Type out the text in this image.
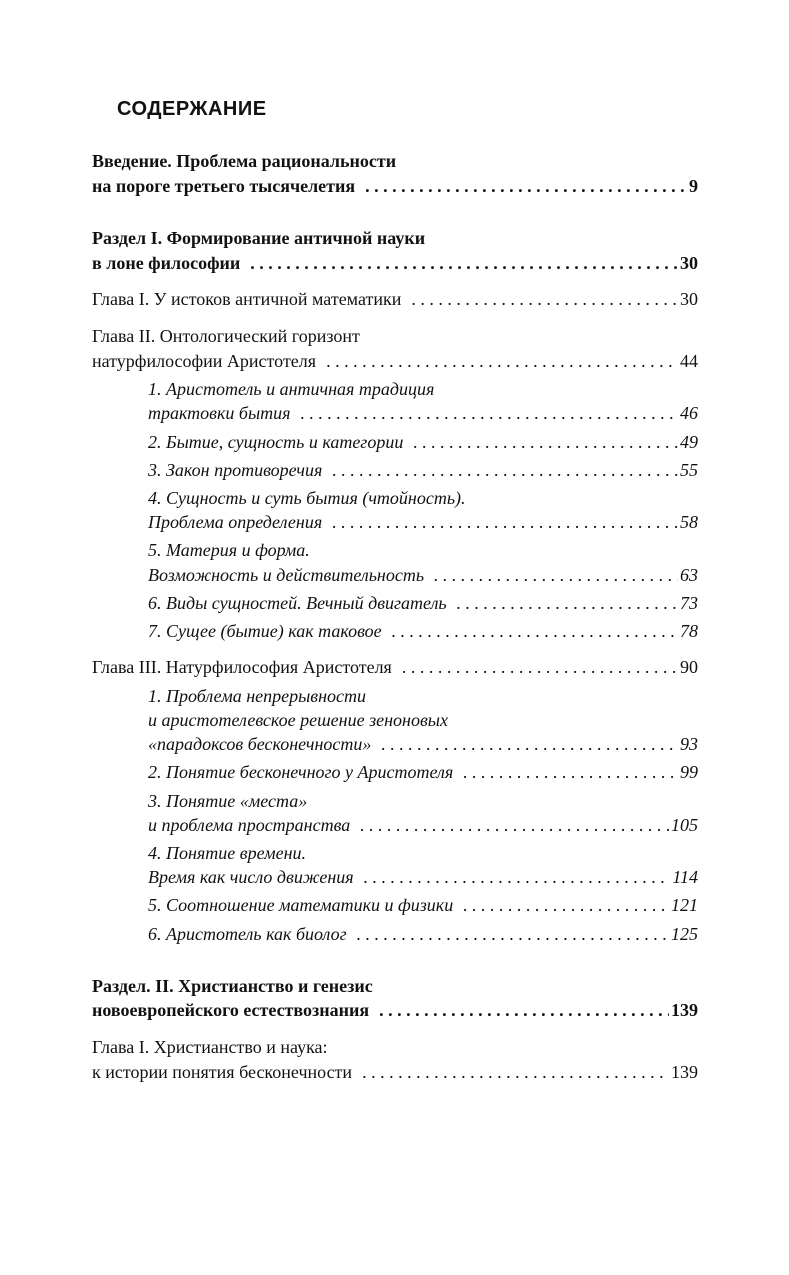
СОДЕРЖАНИЕ
Введение. Проблема рациональности
на пороге третьего тысячелетия . . .	9
Раздел I. Формирование античной науки
в лоне философии . . .	30
Глава I. У истоков античной математики . . .	30
Глава II. Онтологический горизонт
натурфилософии Аристотеля . . .	44
1. Аристотель и античная традиция
трактовки бытия . . .	46
2. Бытие, сущность и категории . . .	49
3. Закон противоречия . . .	55
4. Сущность и суть бытия (чтойность).
Проблема определения . . .	58
5. Материя и форма.
Возможность и действительность . . .	63
6. Виды сущностей. Вечный двигатель . . .	73
7. Сущее (бытие) как таковое . . .	78
Глава III. Натурфилософия Аристотеля . . .	90
1. Проблема непрерывности
и аристотелевское решение зеноновых
«парадоксов бесконечности» . . .	93
2. Понятие бесконечного у Аристотеля . . .	99
3. Понятие «места»
и проблема пространства . . .	105
4. Понятие времени.
Время как число движения . . .	114
5. Соотношение математики и физики . . .	121
6. Аристотель как биолог . . .	125
Раздел. II. Христианство и генезис
новоевропейского естествознания . . .	139
Глава I. Христианство и наука:
к истории понятия бесконечности . . .	139
